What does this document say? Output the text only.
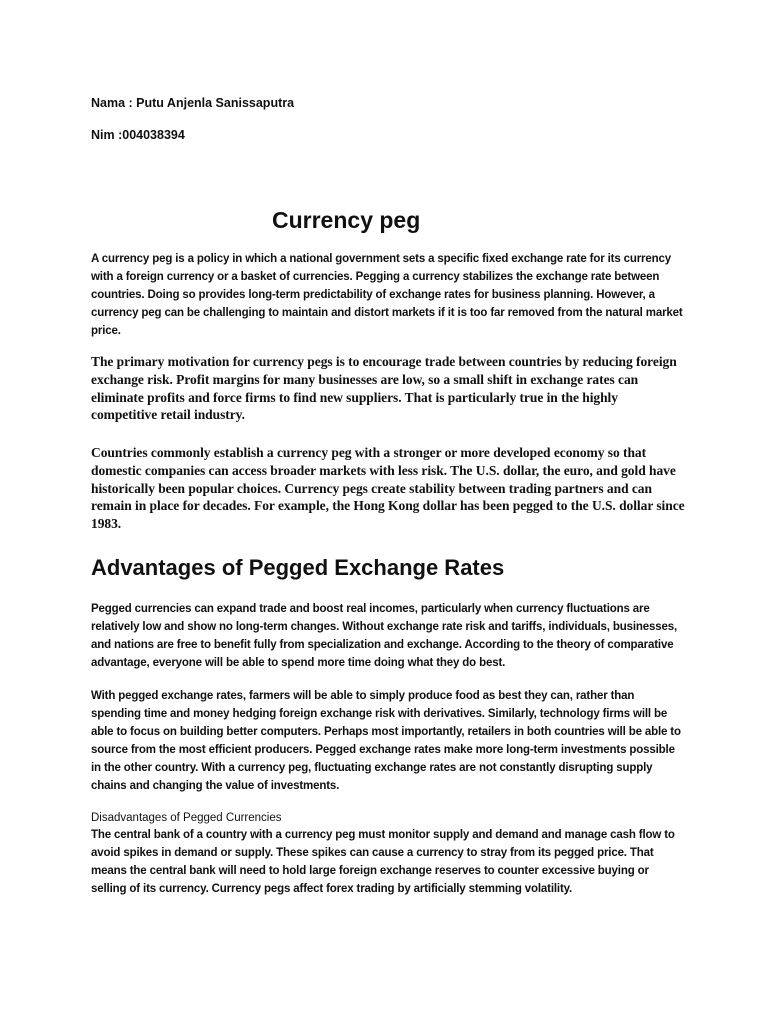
Nama : Putu Anjenla Sanissaputra
Nim :004038394
Currency peg

A currency peg is a policy in which a national government sets a specific fixed exchange rate for its currency with a foreign currency or a basket of currencies. Pegging a currency stabilizes the exchange rate between countries. Doing so provides long-term predictability of exchange rates for business planning. However, a currency peg can be challenging to maintain and distort markets if it is too far removed from the natural market price.

The primary motivation for currency pegs is to encourage trade between countries by reducing foreign exchange risk. Profit margins for many businesses are low, so a small shift in exchange rates can eliminate profits and force firms to find new suppliers. That is particularly true in the highly competitive retail industry.

Countries commonly establish a currency peg with a stronger or more developed economy so that domestic companies can access broader markets with less risk. The U.S. dollar, the euro, and gold have historically been popular choices. Currency pegs create stability between trading partners and can remain in place for decades. For example, the Hong Kong dollar has been pegged to the U.S. dollar since 1983.

Advantages of Pegged Exchange Rates

Pegged currencies can expand trade and boost real incomes, particularly when currency fluctuations are relatively low and show no long-term changes. Without exchange rate risk and tariffs, individuals, businesses, and nations are free to benefit fully from specialization and exchange. According to the theory of comparative advantage, everyone will be able to spend more time doing what they do best.

With pegged exchange rates, farmers will be able to simply produce food as best they can, rather than spending time and money hedging foreign exchange risk with derivatives. Similarly, technology firms will be able to focus on building better computers. Perhaps most importantly, retailers in both countries will be able to source from the most efficient producers. Pegged exchange rates make more long-term investments possible in the other country. With a currency peg, fluctuating exchange rates are not constantly disrupting supply chains and changing the value of investments.

Disadvantages of Pegged Currencies

The central bank of a country with a currency peg must monitor supply and demand and manage cash flow to avoid spikes in demand or supply. These spikes can cause a currency to stray from its pegged price. That means the central bank will need to hold large foreign exchange reserves to counter excessive buying or selling of its currency. Currency pegs affect forex trading by artificially stemming volatility.
